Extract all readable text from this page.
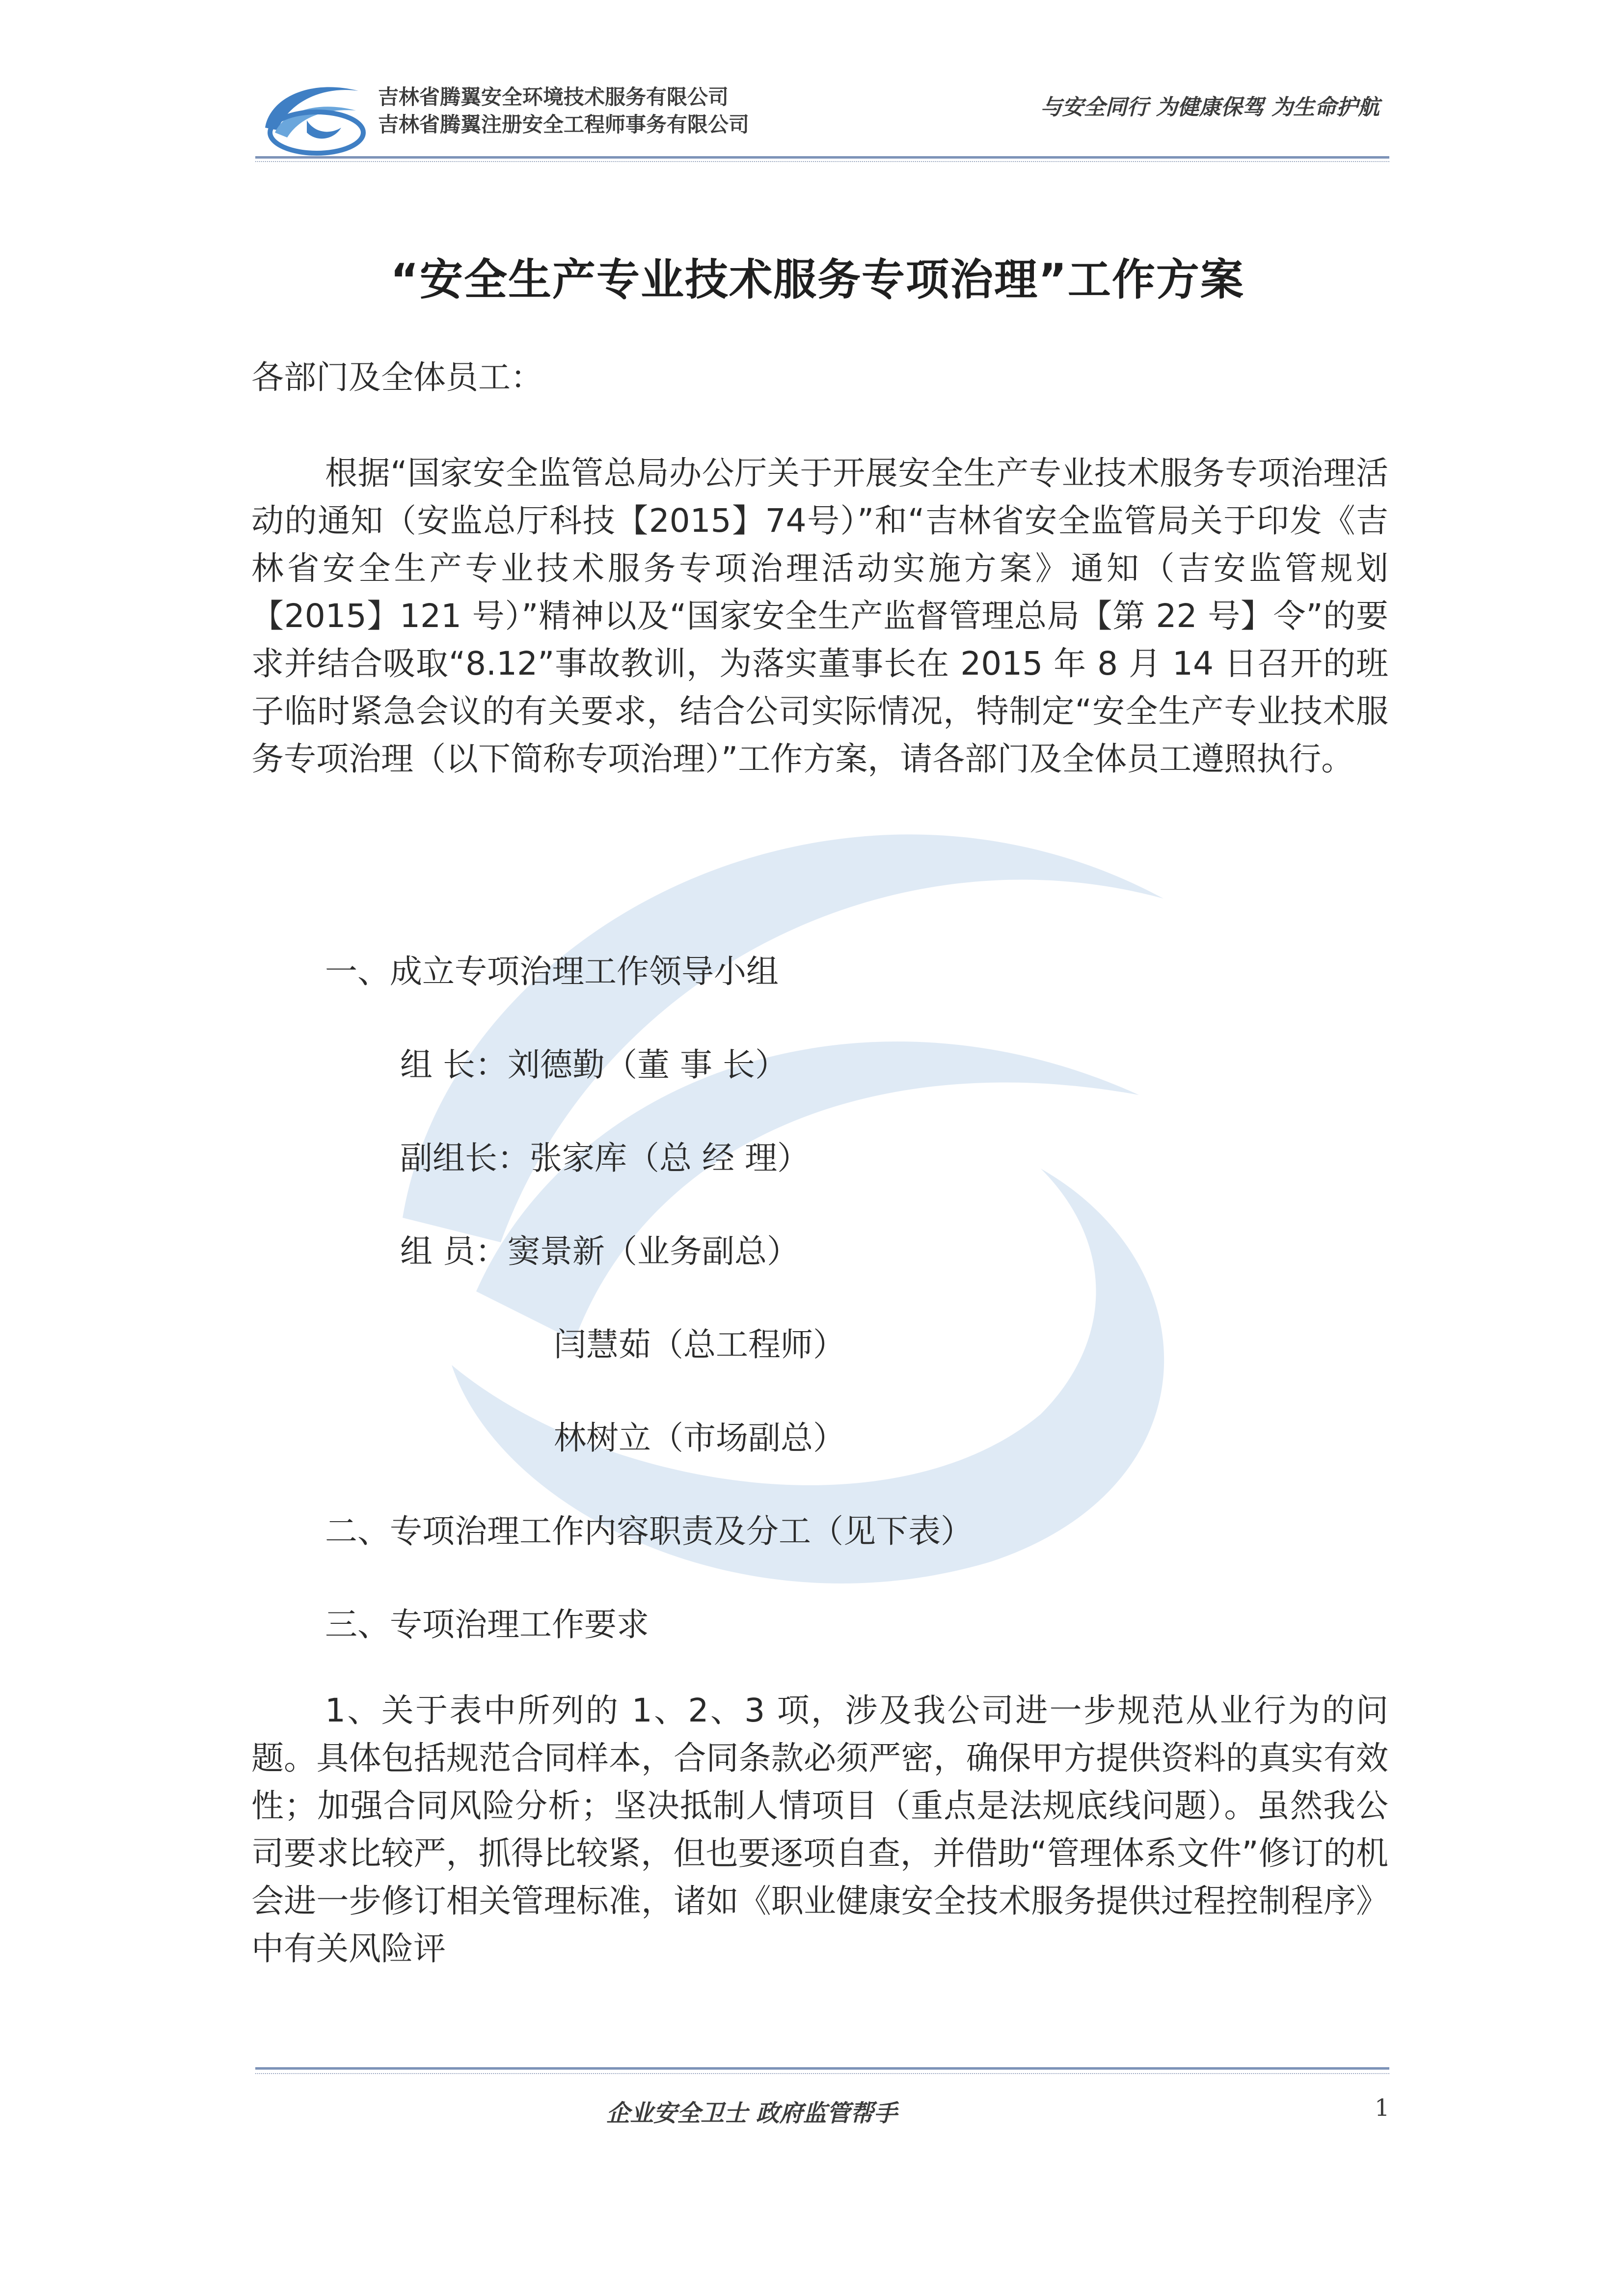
吉林省腾翼安全环境技术服务有限公司
吉林省腾翼注册安全工程师事务有限公司
与安全同行 为健康保驾 为生命护航
“安全生产专业技术服务专项治理”工作方案
各部门及全体员工：

根据“国家安全监管总局办公厅关于开展安全生产专业技术服务专项治理活动的通知（安监总厅科技【2015】74号）”和“吉林省安全监管局关于印发《吉林省安全生产专业技术服务专项治理活动实施方案》通知（吉安监管规划【2015】121 号）”精神以及“国家安全生产监督管理总局【第 22 号】令”的要求并结合吸取“8.12”事故教训，为落实董事长在 2015 年 8 月 14 日召开的班子临时紧急会议的有关要求，结合公司实际情况，特制定“安全生产专业技术服务专项治理（以下简称专项治理）”工作方案，请各部门及全体员工遵照执行。

一、成立专项治理工作领导小组
组 长：刘德勤（董 事 长）
副组长：张家库（总 经 理）
组 员：窦景新（业务副总）
闫慧茹（总工程师）
林树立（市场副总）
二、专项治理工作内容职责及分工（见下表）
三、专项治理工作要求

1、关于表中所列的 1、2、3 项，涉及我公司进一步规范从业行为的问题。具体包括规范合同样本，合同条款必须严密，确保甲方提供资料的真实有效性；加强合同风险分析；坚决抵制人情项目（重点是法规底线问题）。虽然我公司要求比较严，抓得比较紧，但也要逐项自查，并借助“管理体系文件”修订的机会进一步修订相关管理标准，诸如《职业健康安全技术服务提供过程控制程序》中有关风险评

企业安全卫士 政府监管帮手	1
